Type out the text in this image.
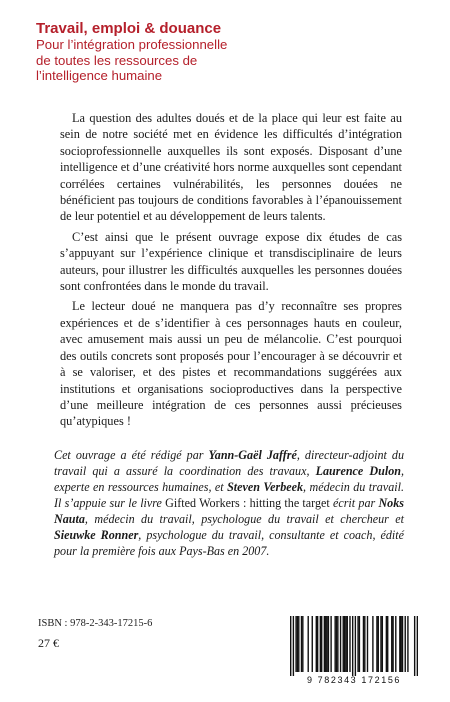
Travail, emploi & douance
Pour l’intégration professionnelle
de toutes les ressources de
l’intelligence humaine

La question des adultes doués et de la place qui leur est faite au sein de notre société met en évidence les difficultés d’intégration socioprofessionnelle auxquelles ils sont exposés. Disposant d’une intelligence et d’une créativité hors norme auxquelles sont cependant corrélées certaines vulnérabilités, les personnes douées ne bénéficient pas toujours de conditions favorables à l’épanouissement de leur potentiel et au développement de leurs talents.

C’est ainsi que le présent ouvrage expose dix études de cas s’appuyant sur l’expérience clinique et transdisciplinaire de leurs auteurs, pour illustrer les difficultés auxquelles les personnes douées sont confrontées dans le monde du travail.

Le lecteur doué ne manquera pas d’y reconnaître ses propres expériences et de s’identifier à ces personnages hauts en couleur, avec amusement mais aussi un peu de mélancolie. C’est pourquoi des outils concrets sont proposés pour l’encourager à se découvrir et à se valoriser, et des pistes et recommandations suggérées aux institutions et organisations socioproductives dans la perspective d’une meilleure intégration de ces personnes aussi précieuses qu’atypiques !

Cet ouvrage a été rédigé par Yann-Gaël Jaffré, directeur-adjoint du travail qui a assuré la coordination des travaux, Laurence Dulon, experte en ressources humaines, et Steven Verbeek, médecin du travail. Il s’appuie sur le livre Gifted Workers : hitting the target écrit par Noks Nauta, médecin du travail, psychologue du travail et chercheur et Sieuwke Ronner, psychologue du travail, consultante et coach, édité pour la première fois aux Pays-Bas en 2007.
ISBN : 978-2-343-17215-6
27 €
9 782343 172156
